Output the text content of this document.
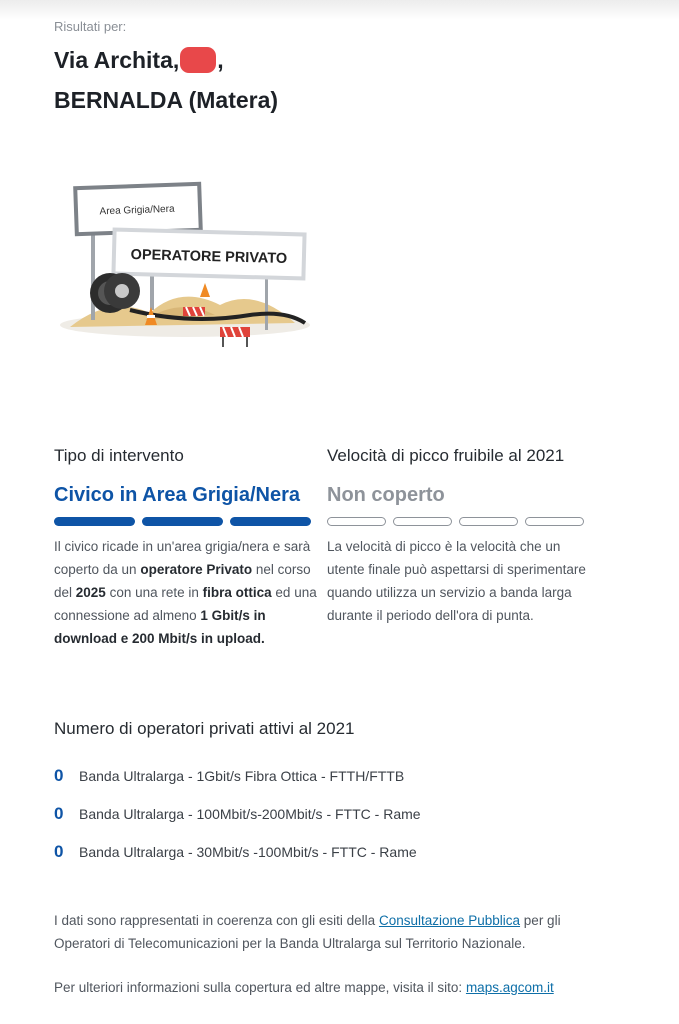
Risultati per:
Via Archita, ,
BERNALDA (Matera)
Area Grigia/Nera
OPERATORE PRIVATO
Tipo di intervento
Civico in Area Grigia/Nera
Il civico ricade in un'area grigia/nera e sarà coperto da un operatore Privato nel corso del 2025 con una rete in fibra ottica ed una connessione ad almeno 1 Gbit/s in download e 200 Mbit/s in upload.
Velocità di picco fruibile al 2021
Non coperto
La velocità di picco è la velocità che un utente finale può aspettarsi di sperimentare quando utilizza un servizio a banda larga durante il periodo dell'ora di punta.
Numero di operatori privati attivi al 2021
0	Banda Ultralarga - 1Gbit/s Fibra Ottica - FTTH/FTTB
0	Banda Ultralarga - 100Mbit/s-200Mbit/s - FTTC - Rame
0	Banda Ultralarga - 30Mbit/s -100Mbit/s - FTTC - Rame
I dati sono rappresentati in coerenza con gli esiti della Consultazione Pubblica per gli Operatori di Telecomunicazioni per la Banda Ultralarga sul Territorio Nazionale.
Per ulteriori informazioni sulla copertura ed altre mappe, visita il sito: maps.agcom.it
